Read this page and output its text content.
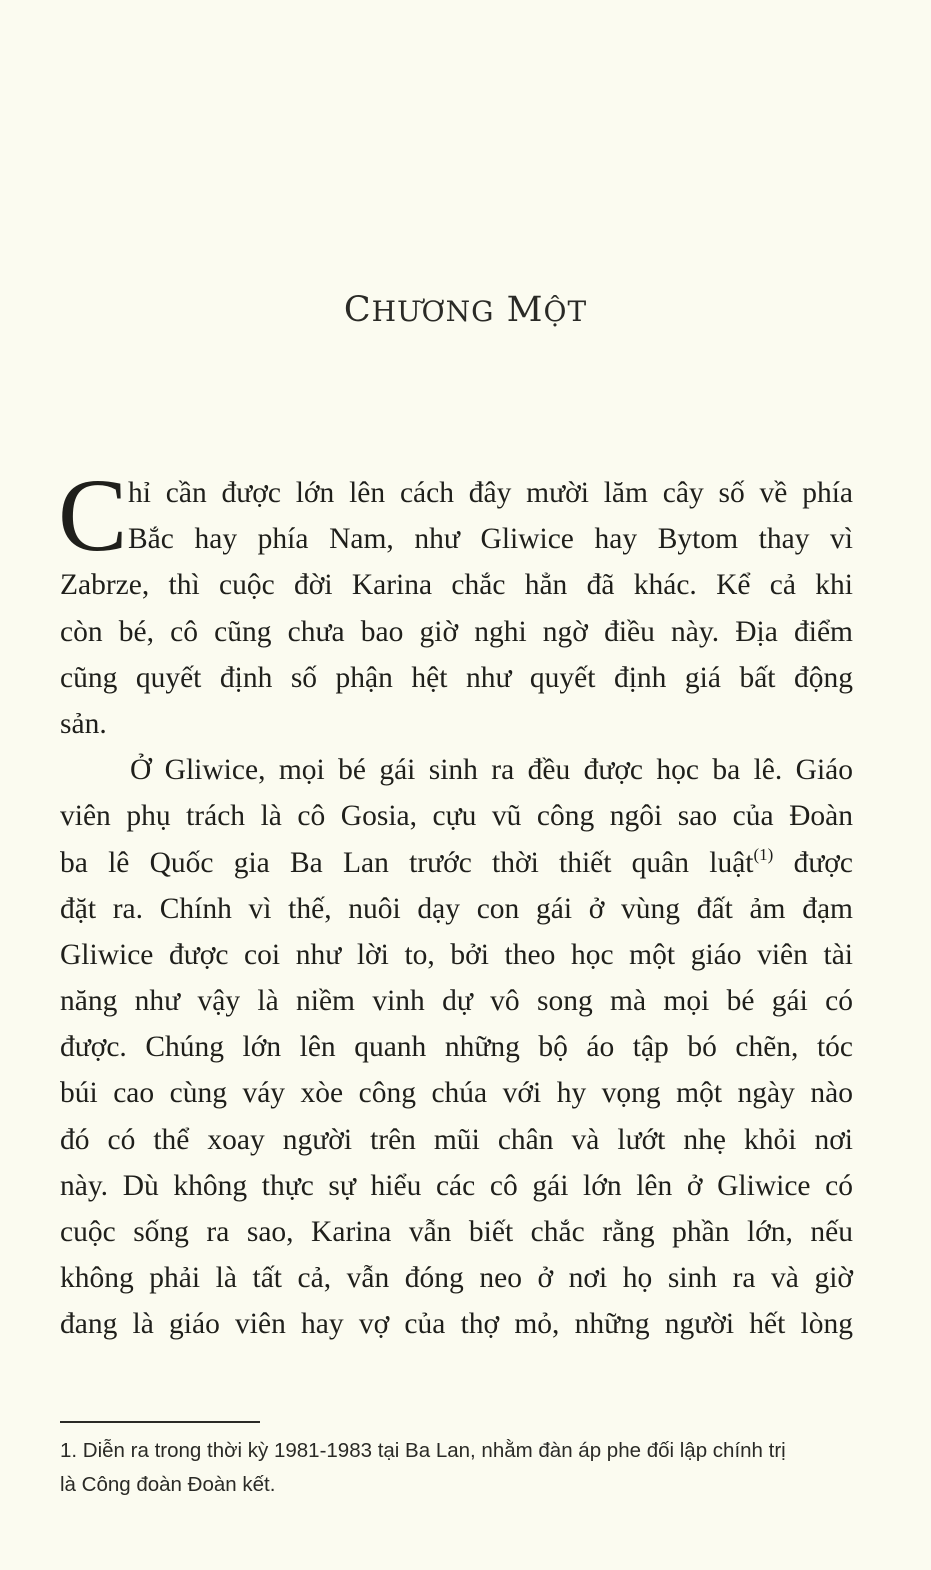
CHƯƠNG MỘT
C hỉ cần được lớn lên cách đây mười lăm cây số về phía
Bắc hay phía Nam, như Gliwice hay Bytom thay vì
Zabrze, thì cuộc đời Karina chắc hẳn đã khác. Kể cả khi
còn bé, cô cũng chưa bao giờ nghi ngờ điều này. Địa điểm
cũng quyết định số phận hệt như quyết định giá bất động
sản.
Ở Gliwice, mọi bé gái sinh ra đều được học ba lê. Giáo
viên phụ trách là cô Gosia, cựu vũ công ngôi sao của Đoàn
ba lê Quốc gia Ba Lan trước thời thiết quân luật$^{(1)}$ được
đặt ra. Chính vì thế, nuôi dạy con gái ở vùng đất ảm đạm
Gliwice được coi như lời to, bởi theo học một giáo viên tài
năng như vậy là niềm vinh dự vô song mà mọi bé gái có
được. Chúng lớn lên quanh những bộ áo tập bó chẽn, tóc
búi cao cùng váy xòe công chúa với hy vọng một ngày nào
đó có thể xoay người trên mũi chân và lướt nhẹ khỏi nơi
này. Dù không thực sự hiểu các cô gái lớn lên ở Gliwice có
cuộc sống ra sao, Karina vẫn biết chắc rằng phần lớn, nếu
không phải là tất cả, vẫn đóng neo ở nơi họ sinh ra và giờ
đang là giáo viên hay vợ của thợ mỏ, những người hết lòng
1. Diễn ra trong thời kỳ 1981-1983 tại Ba Lan, nhằm đàn áp phe đối lập chính trị
là Công đoàn Đoàn kết.
